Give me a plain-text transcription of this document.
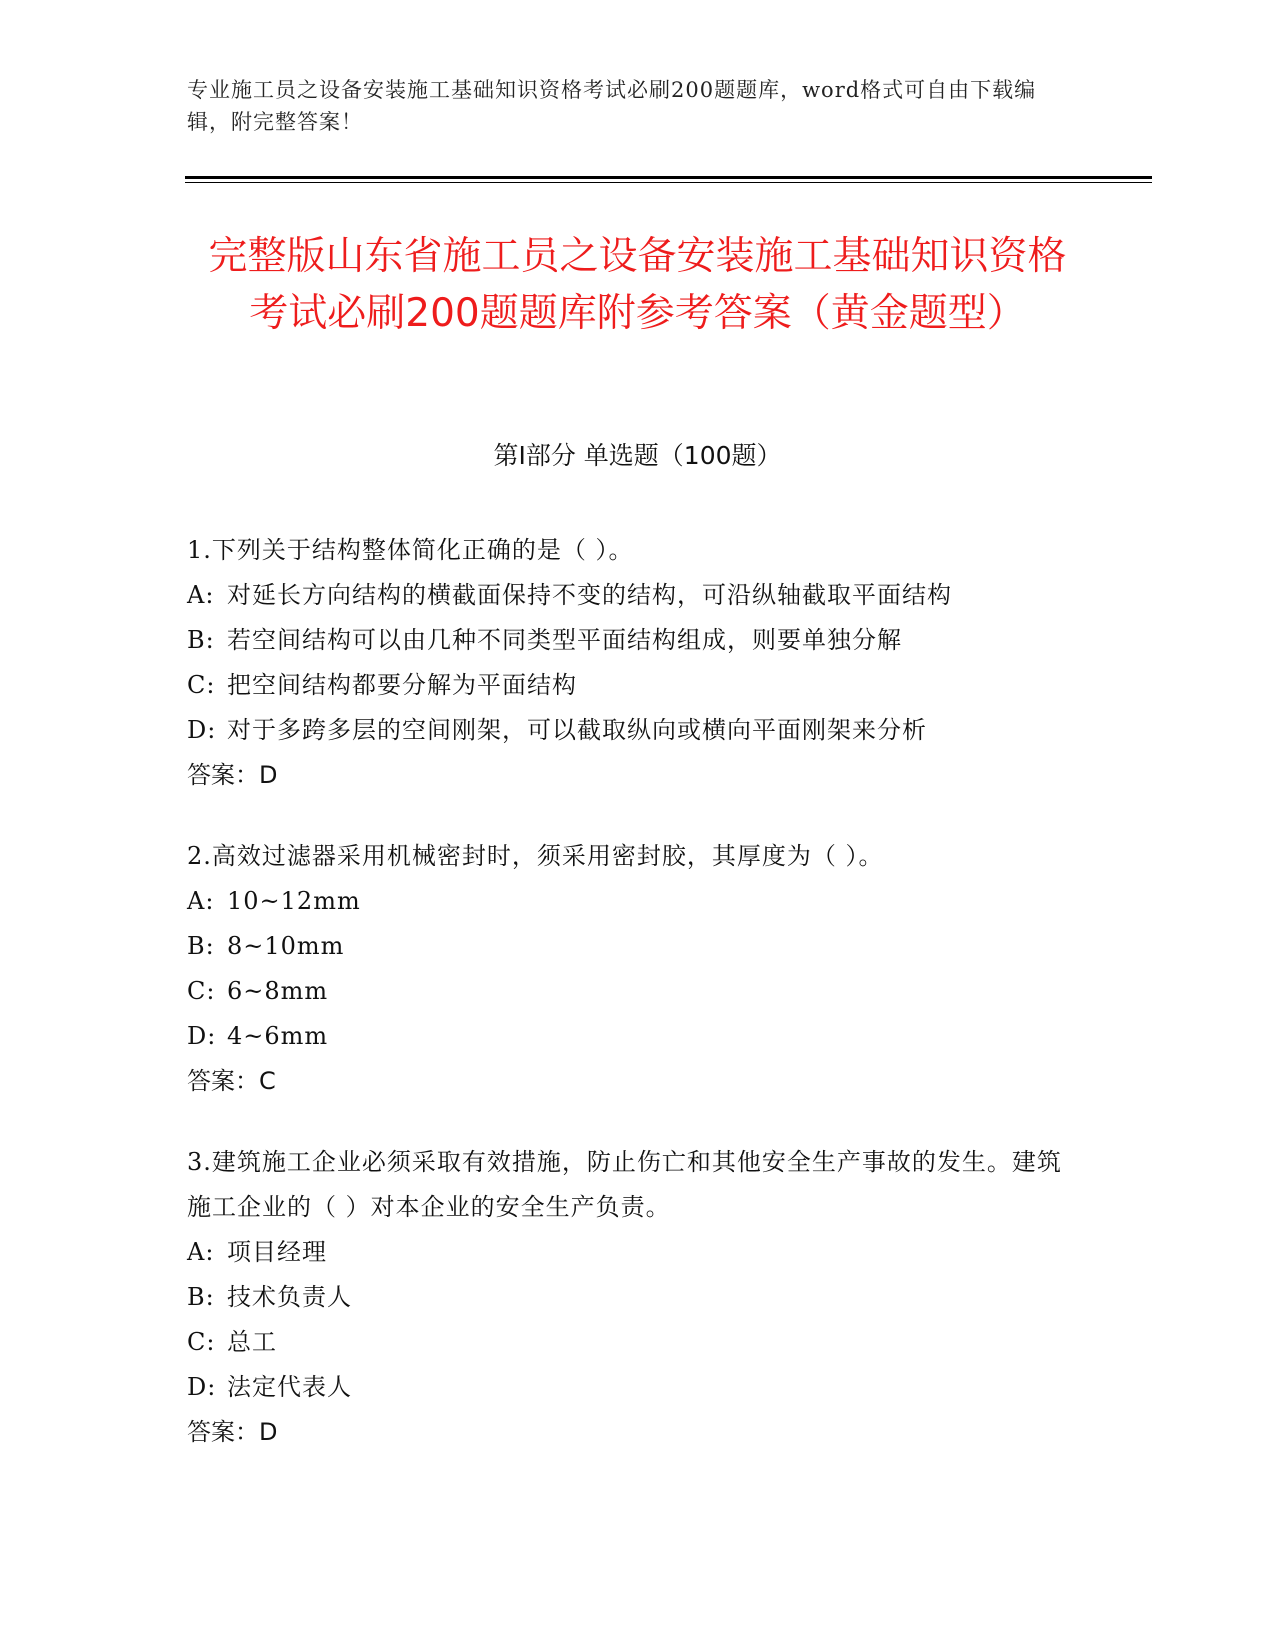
专业施工员之设备安装施工基础知识资格考试必刷200题题库，word格式可自由下载编辑，附完整答案！
完整版山东省施工员之设备安装施工基础知识资格考试必刷200题题库附参考答案（黄金题型）
第Ⅰ部分 单选题（100题）
1.下列关于结构整体简化正确的是（ ）。
A: 对延长方向结构的横截面保持不变的结构，可沿纵轴截取平面结构
B: 若空间结构可以由几种不同类型平面结构组成，则要单独分解
C: 把空间结构都要分解为平面结构
D: 对于多跨多层的空间刚架，可以截取纵向或横向平面刚架来分析
答案：D
2.高效过滤器采用机械密封时，须采用密封胶，其厚度为（ ）。
A: 10~12mm
B: 8~10mm
C: 6~8mm
D: 4~6mm
答案：C
3.建筑施工企业必须采取有效措施，防止伤亡和其他安全生产事故的发生。建筑施工企业的（ ）对本企业的安全生产负责。
A: 项目经理
B: 技术负责人
C: 总工
D: 法定代表人
答案：D
